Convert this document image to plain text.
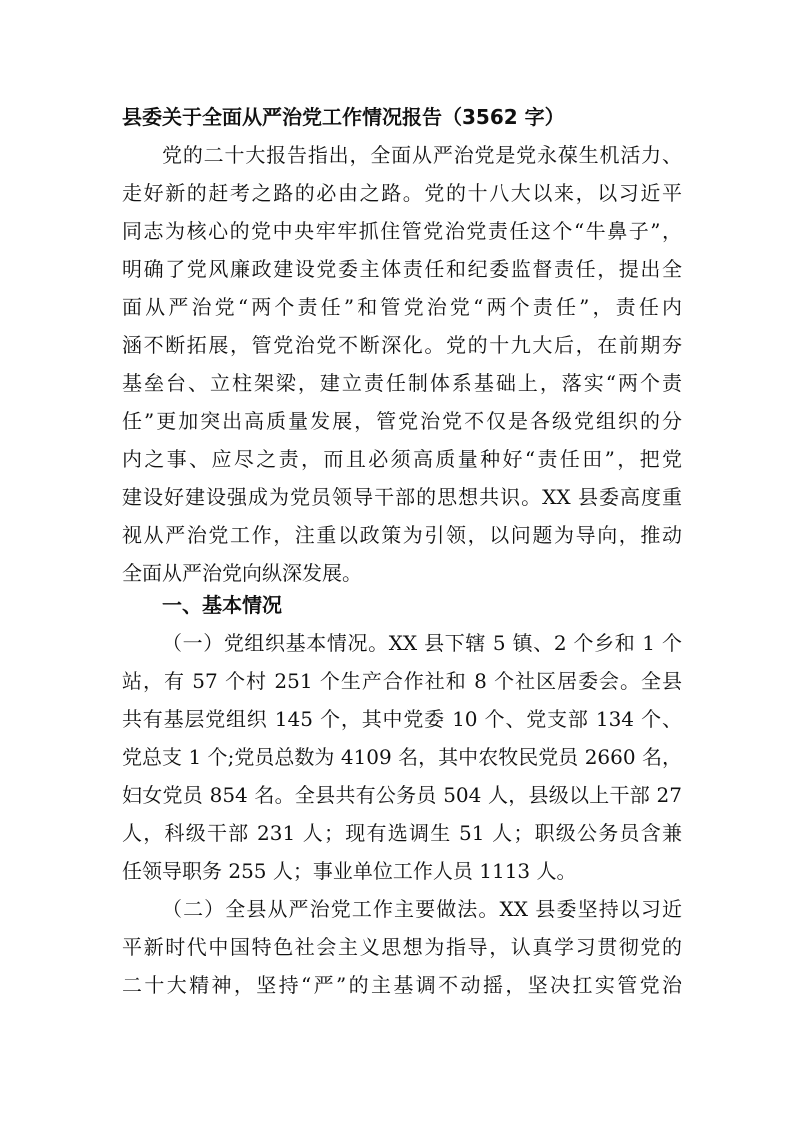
县委关于全面从严治党工作情况报告（3562 字）
党的二十大报告指出，全面从严治党是党永葆生机活力、
走好新的赶考之路的必由之路。党的十八大以来，以习近平
同志为核心的党中央牢牢抓住管党治党责任这个“牛鼻子”，
明确了党风廉政建设党委主体责任和纪委监督责任，提出全
面从严治党“两个责任”和管党治党“两个责任”，责任内
涵不断拓展，管党治党不断深化。党的十九大后，在前期夯
基垒台、立柱架梁，建立责任制体系基础上，落实“两个责
任”更加突出高质量发展，管党治党不仅是各级党组织的分
内之事、应尽之责，而且必须高质量种好“责任田”，把党
建设好建设强成为党员领导干部的思想共识。XX 县委高度重
视从严治党工作，注重以政策为引领，以问题为导向，推动
全面从严治党向纵深发展。
一、基本情况
（一）党组织基本情况。XX 县下辖 5 镇、2 个乡和 1 个
站，有 57 个村 251 个生产合作社和 8 个社区居委会。全县
共有基层党组织 145 个，其中党委 10 个、党支部 134 个、
党总支 1 个;党员总数为 4109 名，其中农牧民党员 2660 名，
妇女党员 854 名。全县共有公务员 504 人，县级以上干部 27
人，科级干部 231 人；现有选调生 51 人；职级公务员含兼
任领导职务 255 人；事业单位工作人员 1113 人。
（二）全县从严治党工作主要做法。XX 县委坚持以习近
平新时代中国特色社会主义思想为指导，认真学习贯彻党的
二十大精神，坚持“严”的主基调不动摇，坚决扛实管党治
